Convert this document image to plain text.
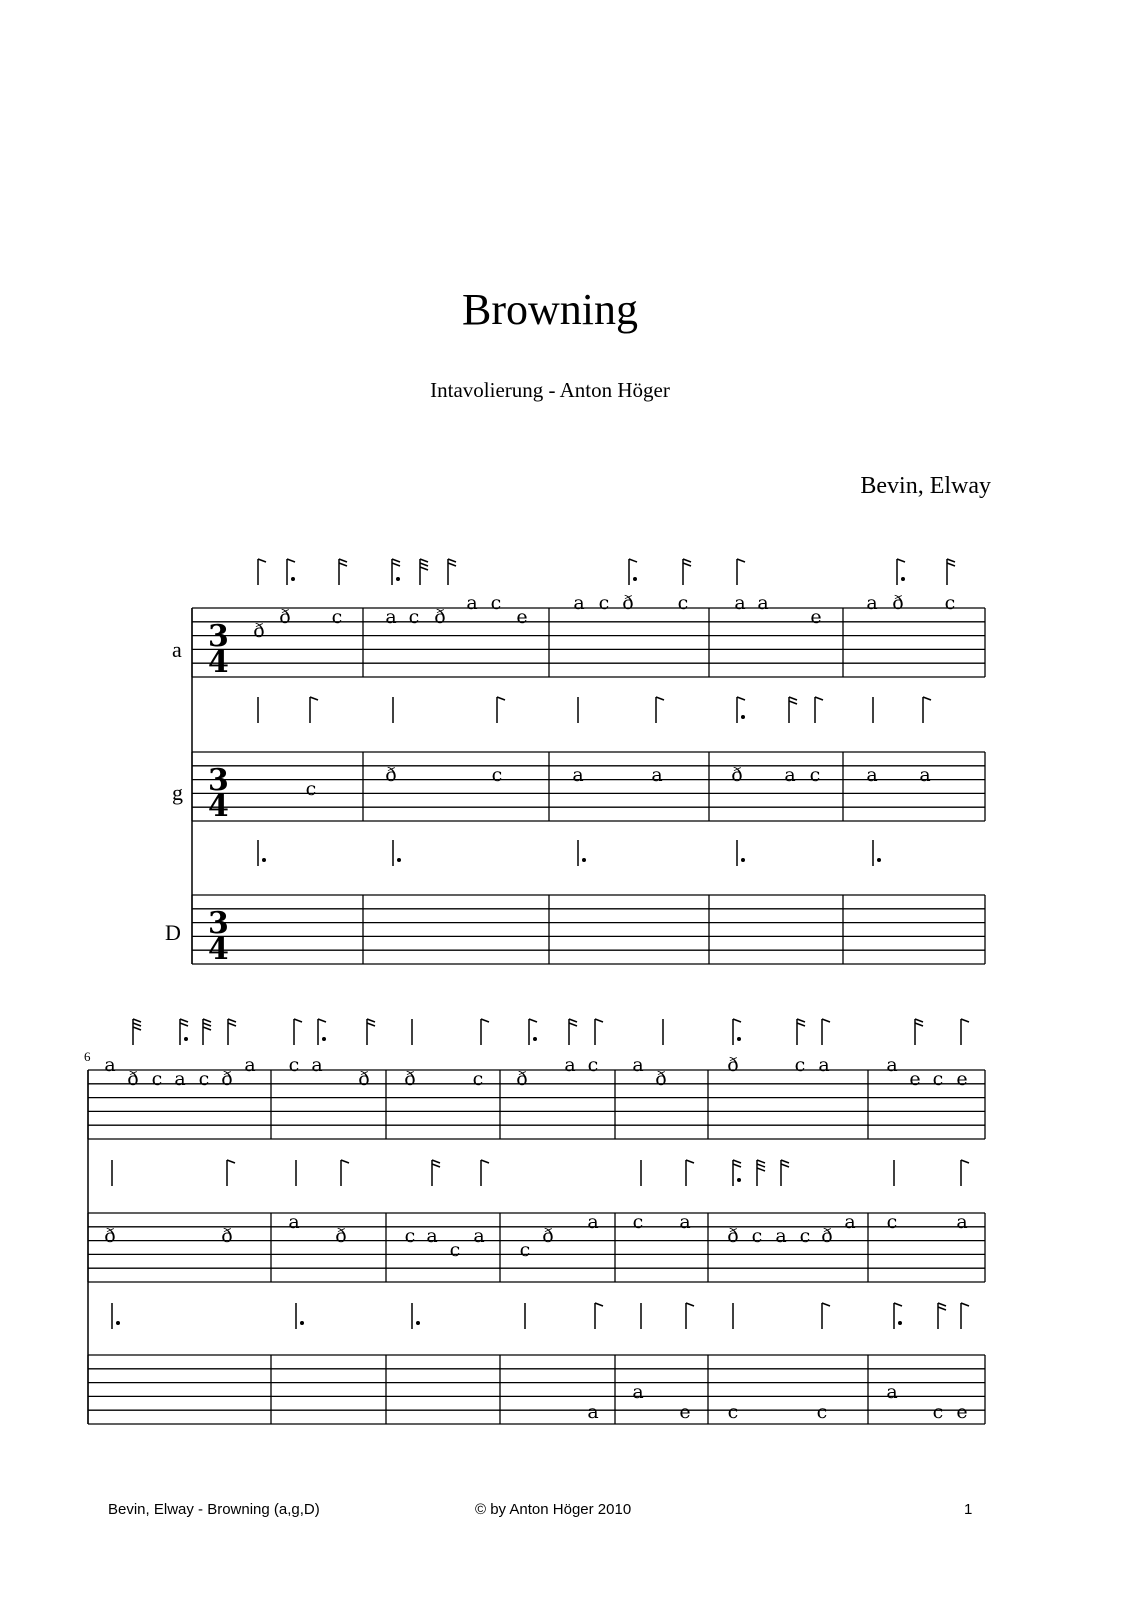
Browning
Intavolierung - Anton Höger
Bevin, Elway
a
g
D
6
ð
ð c a c ð
a c
e
a c ð c a a
e
a ð c
c
ð	c	a	a	ð a c a a
a
ð c a c ð
a c a
ð ð	c ð
a c a
ð
ð	c a	a
e c e
ð	ð
a
ð	c a
c
a
c
ð
a c a
ð c a c ð
a c	a
a
a
e c	c
a
c e
3
4
3
4
3
4
Bevin, Elway - Browning (a,g,D)	© by Anton Höger 2010	1
